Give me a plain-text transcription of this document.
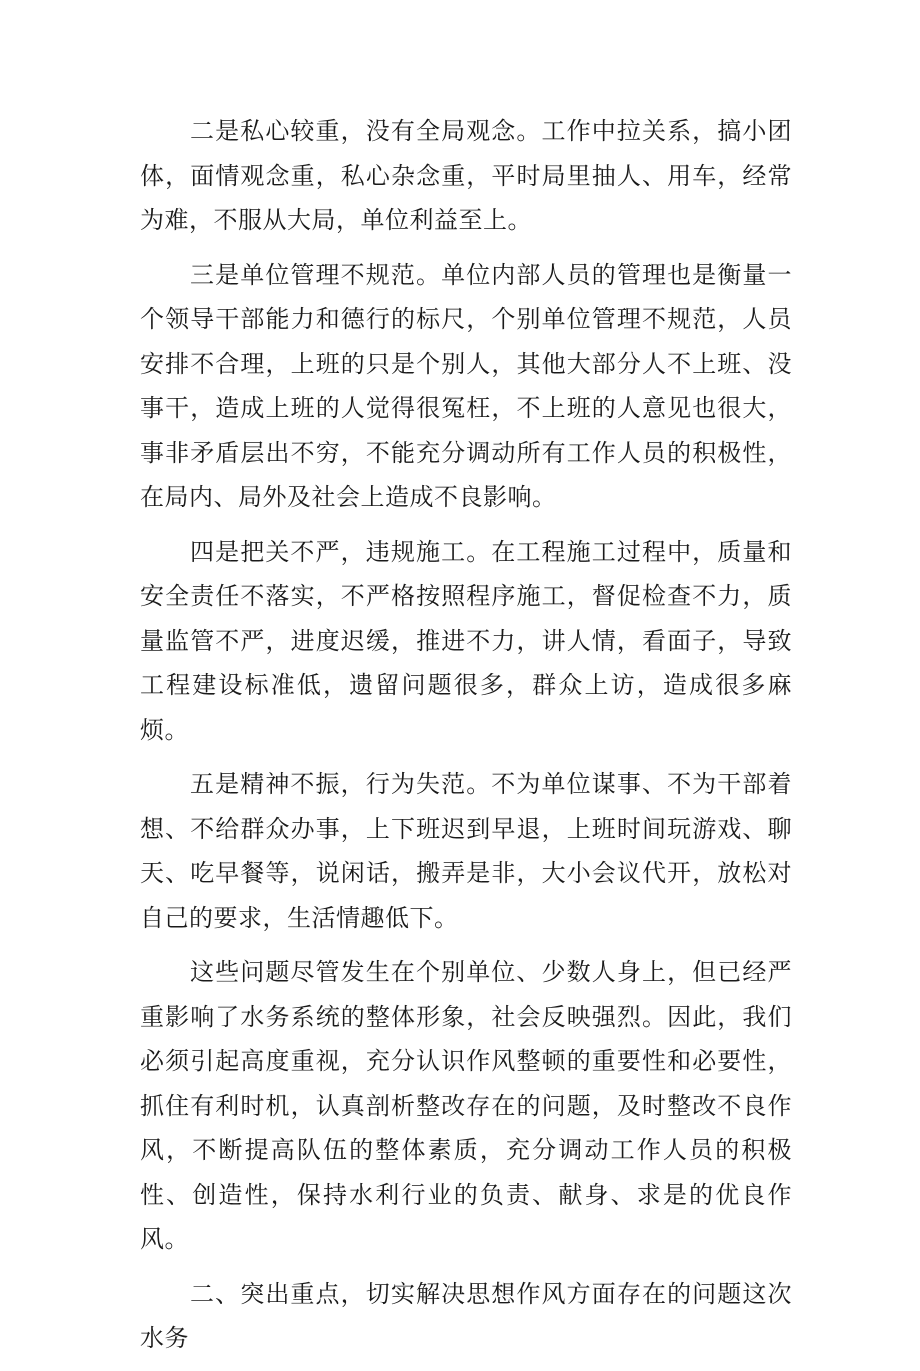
二是私心较重，没有全局观念。工作中拉关系，搞小团体，面情观念重，私心杂念重，平时局里抽人、用车，经常为难，不服从大局，单位利益至上。

三是单位管理不规范。单位内部人员的管理也是衡量一个领导干部能力和德行的标尺，个别单位管理不规范，人员安排不合理，上班的只是个别人，其他大部分人不上班、没事干，造成上班的人觉得很冤枉，不上班的人意见也很大，事非矛盾层出不穷，不能充分调动所有工作人员的积极性，在局内、局外及社会上造成不良影响。

四是把关不严，违规施工。在工程施工过程中，质量和安全责任不落实，不严格按照程序施工，督促检查不力，质量监管不严，进度迟缓，推进不力，讲人情，看面子，导致工程建设标准低，遗留问题很多，群众上访，造成很多麻烦。

五是精神不振，行为失范。不为单位谋事、不为干部着想、不给群众办事，上下班迟到早退，上班时间玩游戏、聊天、吃早餐等，说闲话，搬弄是非，大小会议代开，放松对自己的要求，生活情趣低下。

这些问题尽管发生在个别单位、少数人身上，但已经严重影响了水务系统的整体形象，社会反映强烈。因此，我们必须引起高度重视，充分认识作风整顿的重要性和必要性，抓住有利时机，认真剖析整改存在的问题，及时整改不良作风，不断提高队伍的整体素质，充分调动工作人员的积极性、创造性，保持水利行业的负责、献身、求是的优良作风。

二、突出重点，切实解决思想作风方面存在的问题这次水务
